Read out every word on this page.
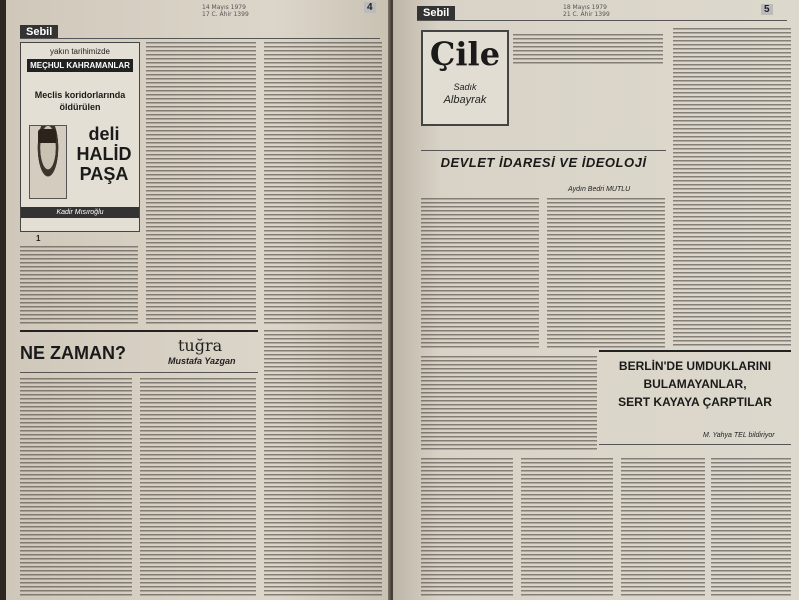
14 Mayıs 1979
17 C. Ahir 1399
4
Sebil
yakın tarihimizde
MEÇHUL KAHRAMANLAR
Meclis koridorlarında
öldürülen
deli
HALİD
PAŞA
Kadir Mısıroğlu
1
NE ZAMAN?	tuğra
Mustafa Yazgan
Sebil	18 Mayıs 1979
21 C. Ahir 1399	5
Çile
Sadık
Albayrak
DEVLET İDARESİ VE İDEOLOJİ
Aydın Bedri MUTLU
BERLİN'DE UMDUKLARINI
BULAMAYANLAR,
SERT KAYAYA ÇARPTILAR
M. Yahya TEL bildiriyor
